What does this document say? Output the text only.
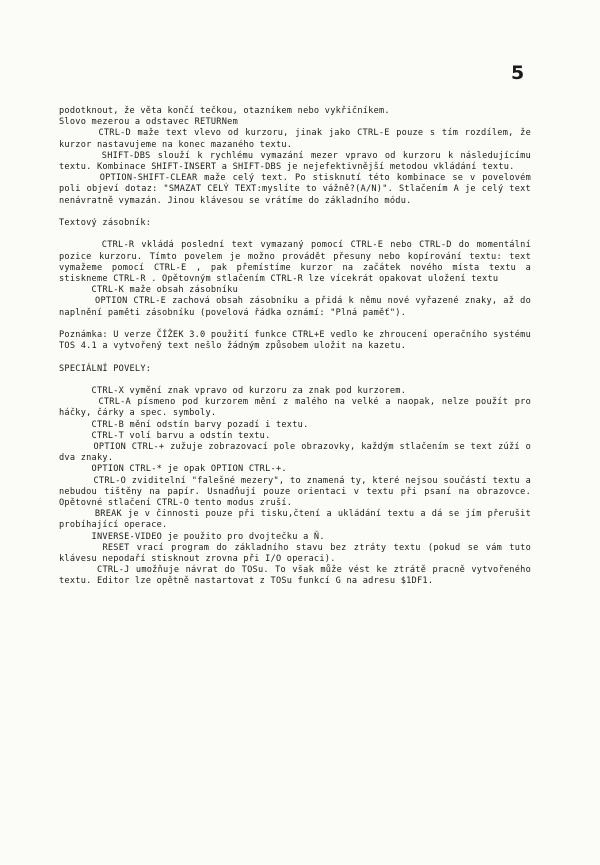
5

podotknout, že věta končí tečkou, otazníkem nebo vykřičníkem.
Slovo mezerou a odstavec RETURNem

CTRL-D maže text vlevo od kurzoru, jinak jako CTRL-E pouze s tím rozdílem, že kurzor nastavujeme na konec mazaného textu.

SHIFT-DBS slouží k rychlému vymazání mezer vpravo od kurzoru k následujícímu textu. Kombinace SHIFT-INSERT a SHIFT-DBS je nejefektivnější metodou vkládání textu.

OPTION-SHIFT-CLEAR maže celý text. Po stisknutí této kombinace se v povelovém poli objeví dotaz: "SMAZAT CELÝ TEXT:myslíte to vážně?(A/N)". Stlačením A je celý text nenávratně vymazán. Jinou klávesou se vrátíme do základního módu.

Textový zásobník:

CTRL-R vkládá poslední text vymazaný pomocí CTRL-E nebo CTRL-D do momentální pozice kurzoru. Tímto povelem je možno provádět přesuny nebo kopírování textu: text vymažeme pomocí CTRL-E , pak přemístíme kurzor na začátek nového místa textu a stiskneme CTRL-R . Opětovným stlačením CTRL-R lze vícekrát opakovat uložení textu

CTRL-K maže obsah zásobníku

OPTION CTRL-E zachová obsah zásobníku a přidá k němu nové vyřazené znaky, až do naplnění paměti zásobníku (povelová řádka oznámí: "Plná paměť").

Poznámka: U verze ČÍŽEK 3.0 použití funkce CTRL+E vedlo ke zhroucení operačního systému TOS 4.1 a vytvořený text nešlo žádným způsobem uložit na kazetu.

SPECIÁLNÍ POVELY:

CTRL-X vymění znak vpravo od kurzoru za znak pod kurzorem.

CTRL-A písmeno pod kurzorem mění z malého na velké a naopak, nelze použít pro háčky, čárky a spec. symboly.

CTRL-B mění odstín barvy pozadí i textu.

CTRL-T volí barvu a odstín textu.

OPTION CTRL-+ zužuje zobrazovací pole obrazovky, každým stlačením se text zúží o dva znaky.

OPTION CTRL-* je opak OPTION CTRL-+.

CTRL-O zviditelní "falešné mezery", to znamená ty, které nejsou součástí textu a nebudou tištěny na papír. Usnadňují pouze orientaci v textu při psaní na obrazovce. Opětovné stlačení CTRL-O tento modus zruší.

BREAK je v činnosti pouze při tisku,čtení a ukládání textu a dá se jím přerušit probíhající operace.

INVERSE-VIDEO je použito pro dvojtečku a Ň.

RESET vrací program do základního stavu bez ztráty textu (pokud se vám tuto klávesu nepodaří stisknout zrovna při I/O operaci).

CTRL-J umožňuje návrat do TOSu. To však může vést ke ztrátě pracně vytvořeného textu. Editor lze opětně nastartovat z TOSu funkcí G na adresu $1DF1.
